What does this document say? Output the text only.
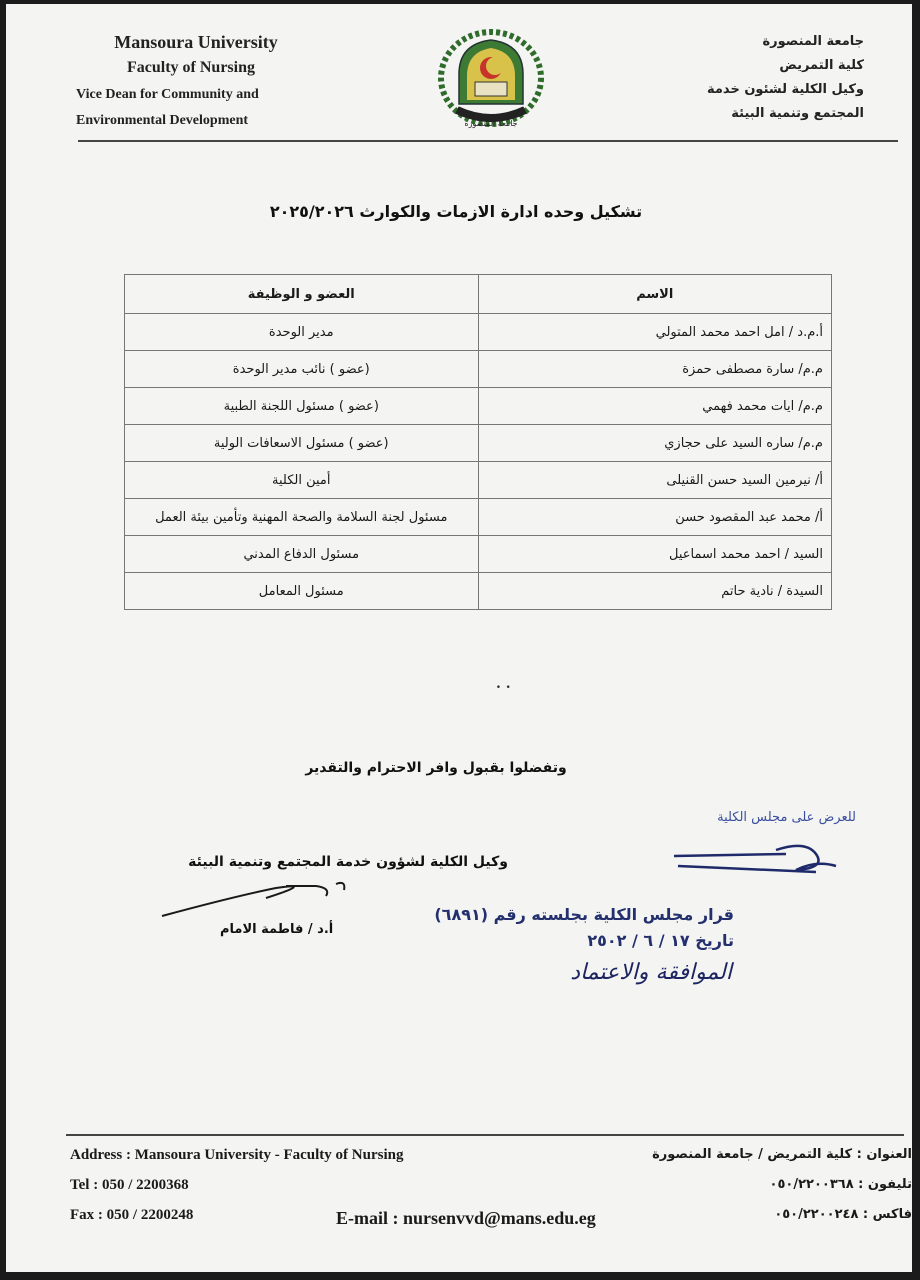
Mansoura University
Faculty of Nursing
Vice Dean for Community and
Environmental Development	جامعة المنصورة
جامعة المنصورة
كلية التمريض
وكيل الكلية لشئون خدمة
المجتمع وتنمية البيئة
تشكيل وحده ادارة الازمات والكوارث ٢٠٢٥/٢٠٢٦
الاسم	العضو و الوظيفة
أ.م.د / امل احمد محمد المتولي	مدير الوحدة
م.م/ سارة مصطفى حمزة	(عضو ) نائب مدير الوحدة
م.م/ ايات محمد فهمي	(عضو ) مسئول اللجنة الطبية
م.م/ ساره السيد على حجازي	(عضو ) مسئول الاسعافات الولية
أ/ نيرمين السيد حسن القنيلى	أمين الكلية
أ/ محمد عبد المقصود حسن	مسئول لجنة السلامة والصحة المهنية وتأمين بيئة العمل
السيد / احمد محمد اسماعيل	مسئول الدفاع المدني
السيدة / نادية حاتم	مسئول المعامل
. .
وتفضلوا بقبول وافر الاحترام والتقدير
للعرض على مجلس الكلية
وكيل الكلية لشؤون خدمة المجتمع وتنمية البيئة
أ.د / فاطمة الامام
قرار مجلس الكلية بجلسته رقم (٦٨٩١)
تاريخ ١٧ / ٦ / ٢٥٠٢
الموافقة والاعتماد
Address : Mansoura University - Faculty of Nursing
Tel : 050 / 2200368
Fax : 050 / 2200248	E-mail : nursenvvd@mans.edu.eg
العنوان : كلية التمريض / جامعة المنصورة
تليفون : ٠٥٠/٢٢٠٠٣٦٨
فاكس : ٠٥٠/٢٢٠٠٢٤٨
